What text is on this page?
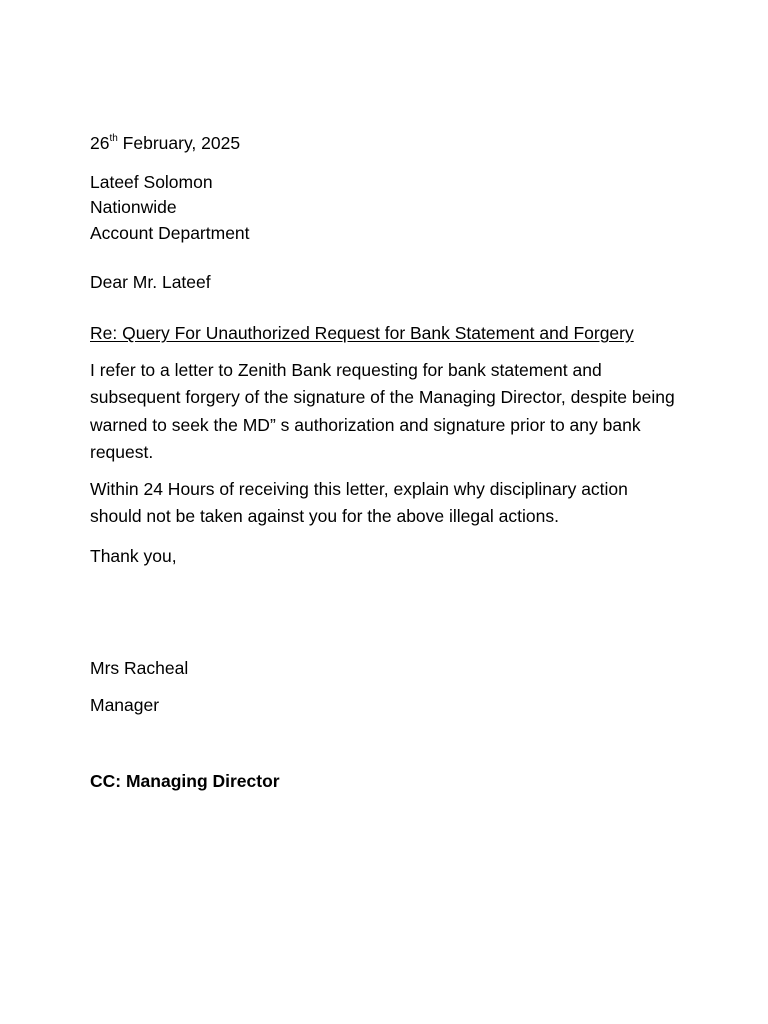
26th February, 2025
Lateef Solomon
Nationwide
Account Department
Dear Mr. Lateef
Re: Query For Unauthorized Request for Bank Statement and Forgery
I refer to a letter to Zenith Bank requesting for bank statement and subsequent forgery of the signature of the Managing Director, despite being warned to seek the MD” s authorization and signature prior to any bank request.
Within 24 Hours of receiving this letter, explain why disciplinary action should not be taken against you for the above illegal actions.
Thank you,
Mrs Racheal
Manager
CC: Managing Director
